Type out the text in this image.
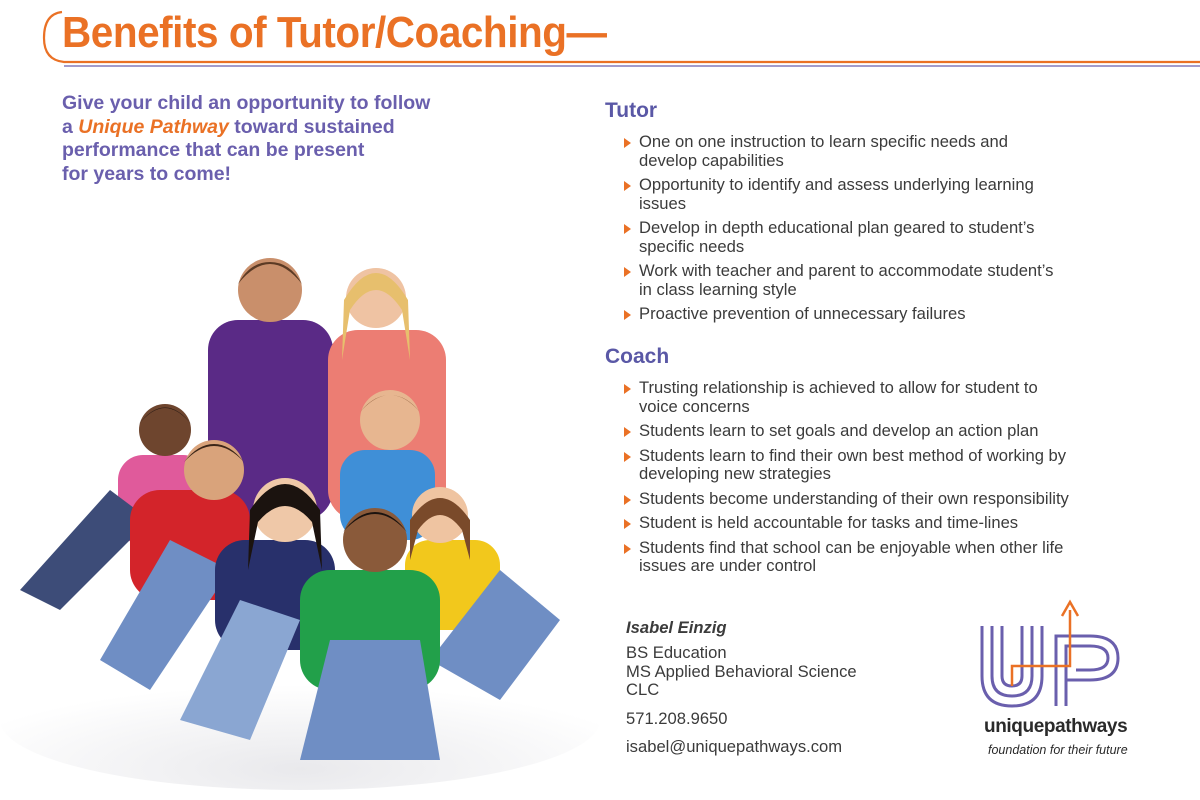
Benefits of Tutor/Coaching—

Give your child an opportunity to follow
a Unique Pathway toward sustained
performance that can be present
for years to come!

Tutor
One on one instruction to learn specific needs and develop capabilities
Opportunity to identify and assess underlying learning issues
Develop in depth educational plan geared to student’s specific needs
Work with teacher and parent to accommodate student’s in class learning style
Proactive prevention of unnecessary failures
Coach
Trusting relationship is achieved to allow for student to voice concerns
Students learn to set goals and develop an action plan
Students learn to find their own best method of working by developing new strategies
Students become understanding of their own responsibility
Student is held accountable for tasks and time-lines
Students find that school can be enjoyable when other life issues are under control

Isabel Einzig

BS Education

MS Applied Behavioral Science

CLC

571.208.9650

isabel@uniquepathways.com

uniquepathways
foundation for their future
